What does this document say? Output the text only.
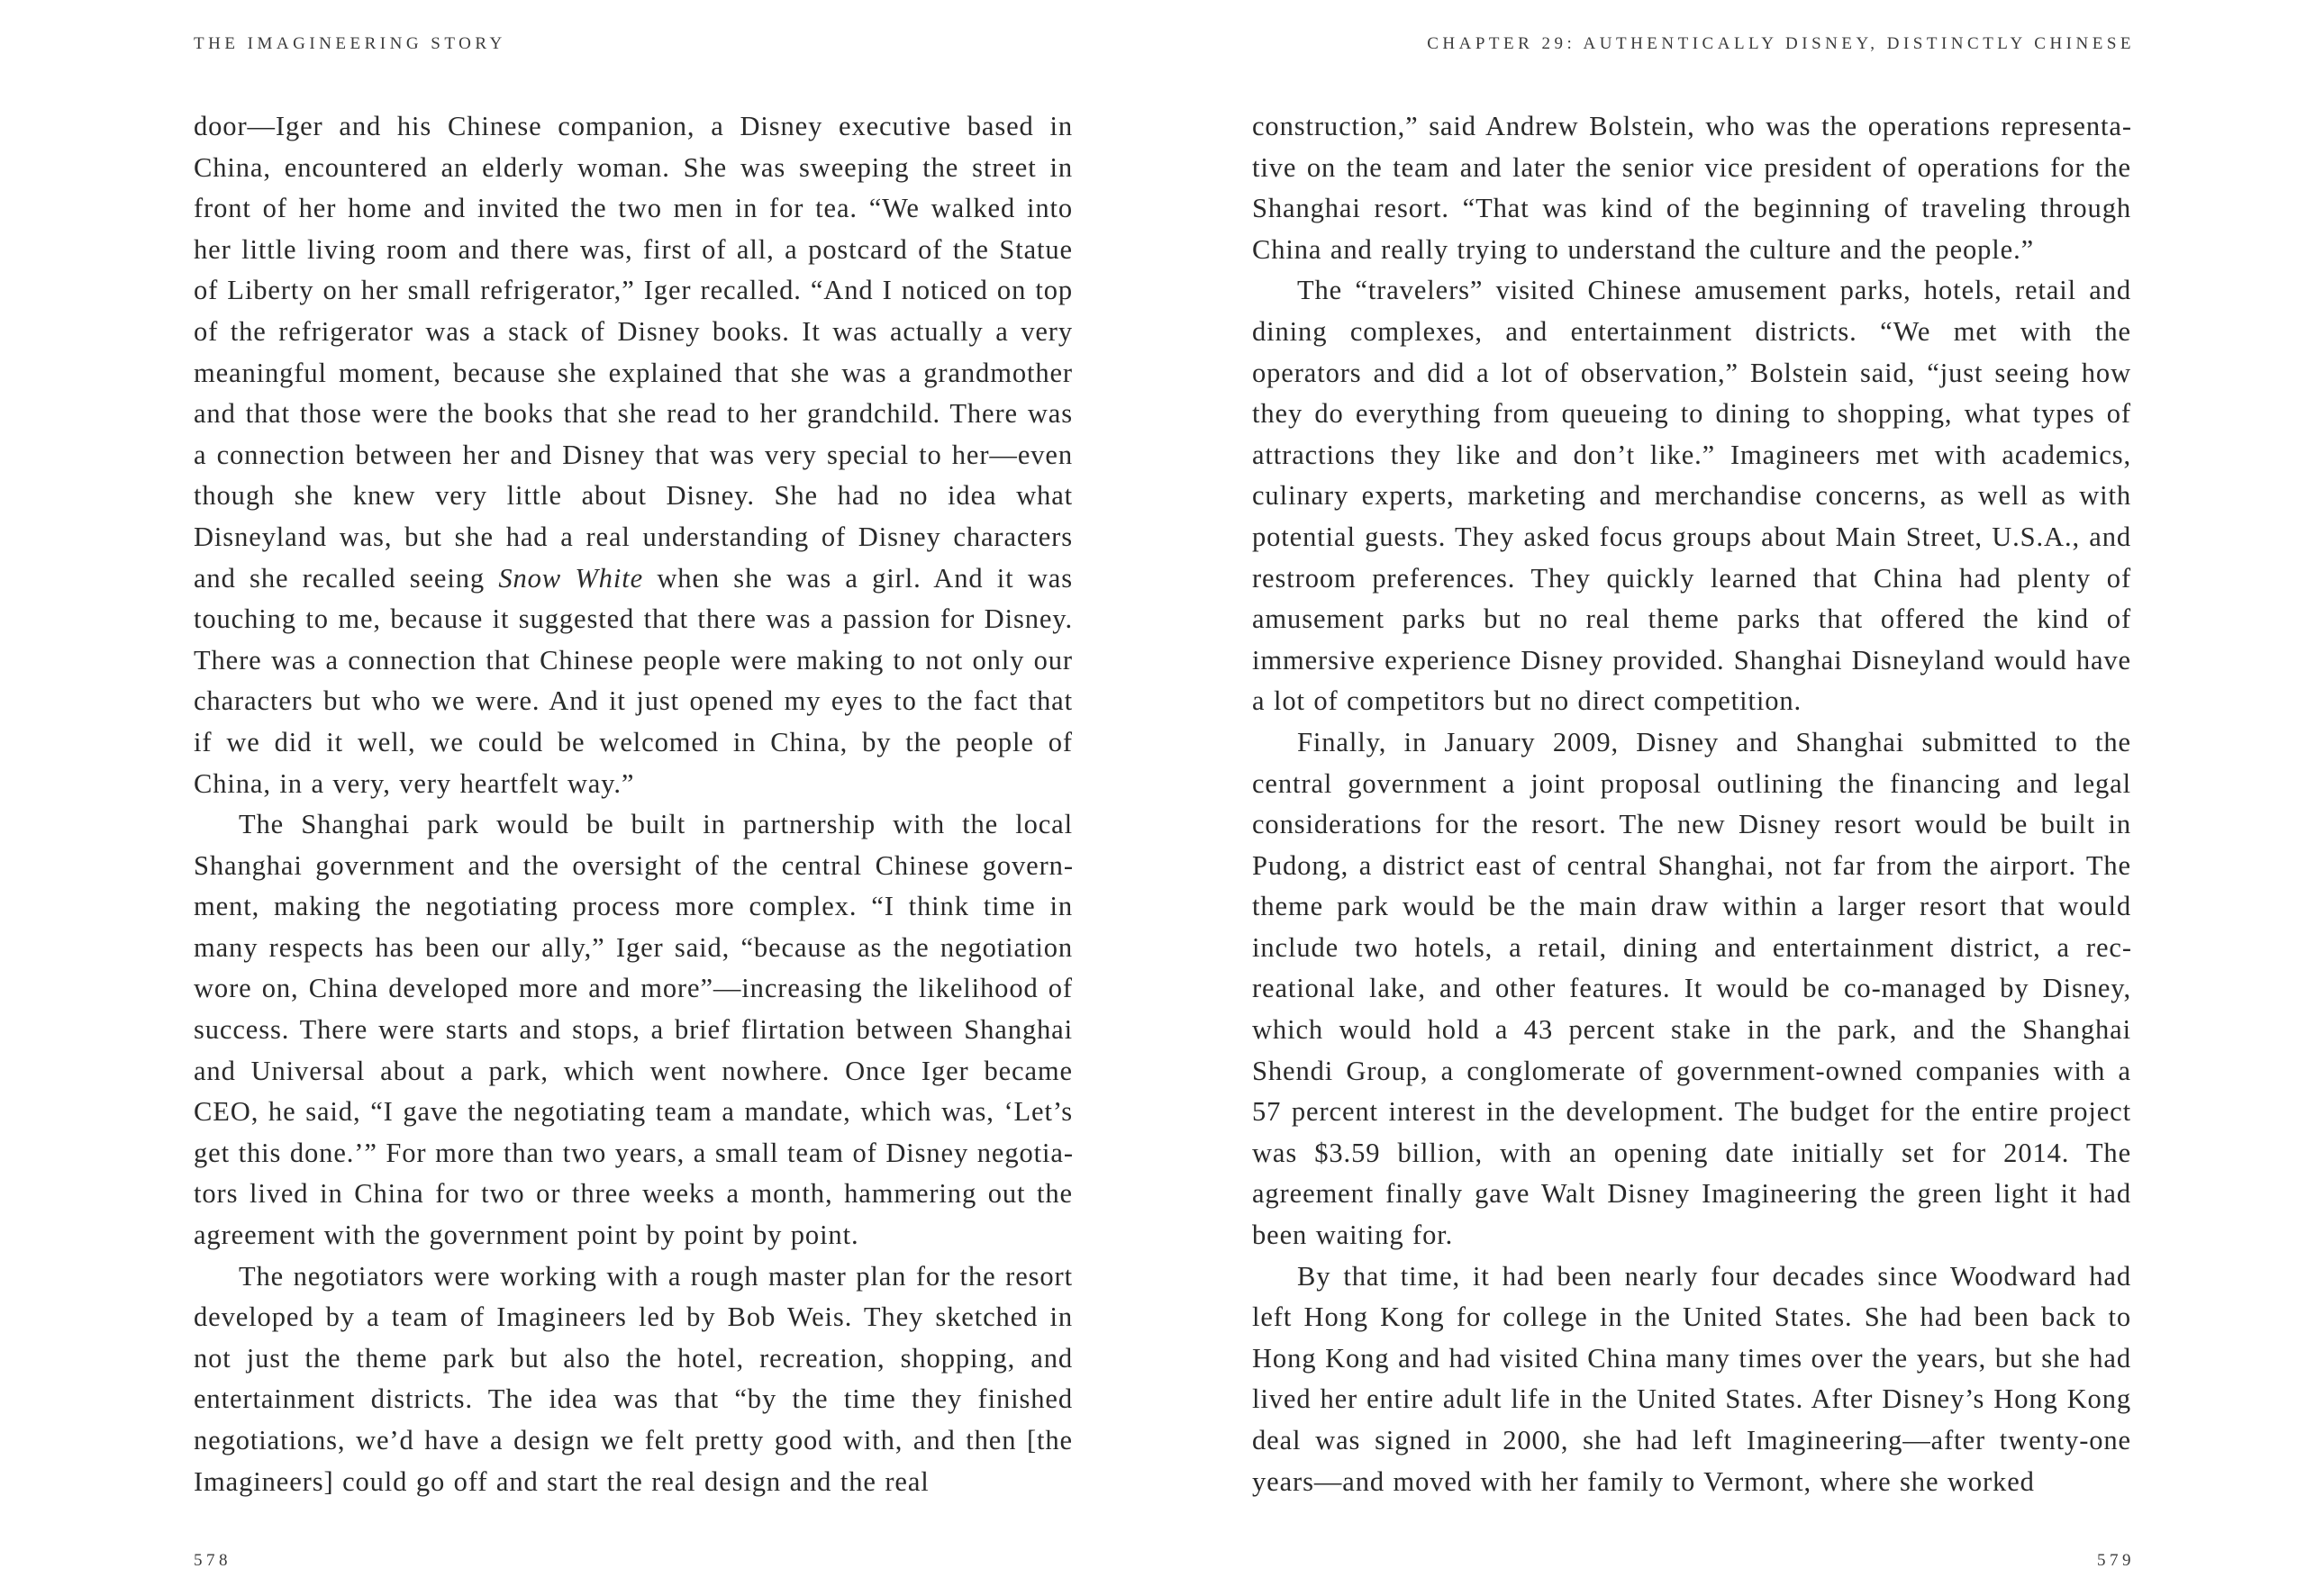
THE IMAGINEERING STORY

door—Iger and his Chinese companion, a Disney executive based in China, encountered an elderly woman. She was sweeping the street in front of her home and invited the two men in for tea. “We walked into her little living room and there was, first of all, a postcard of the Statue of Liberty on her small refrigerator,” Iger recalled. “And I noticed on top of the refrigerator was a stack of Disney books. It was actually a very meaningful moment, because she explained that she was a grandmother and that those were the books that she read to her grandchild. There was a connection between her and Disney that was very special to her—even though she knew very little about Disney. She had no idea what Disneyland was, but she had a real understanding of Disney characters and she recalled seeing Snow White when she was a girl. And it was touching to me, because it suggested that there was a passion for Disney. There was a connection that Chinese people were making to not only our characters but who we were. And it just opened my eyes to the fact that if we did it well, we could be welcomed in China, by the people of China, in a very, very heartfelt way.”

The Shanghai park would be built in partnership with the local Shanghai government and the oversight of the central Chinese government, making the negotiating process more complex. “I think time in many respects has been our ally,” Iger said, “because as the negotiation wore on, China developed more and more”—increasing the likelihood of success. There were starts and stops, a brief flirtation between Shanghai and Universal about a park, which went nowhere. Once Iger became CEO, he said, “I gave the negotiating team a mandate, which was, ‘Let’s get this done.’” For more than two years, a small team of Disney negotiators lived in China for two or three weeks a month, hammering out the agreement with the government point by point by point.

The negotiators were working with a rough master plan for the resort developed by a team of Imagineers led by Bob Weis. They sketched in not just the theme park but also the hotel, recreation, shopping, and entertainment districts. The idea was that “by the time they finished negotiations, we’d have a design we felt pretty good with, and then [the Imagineers] could go off and start the real design and the real

578
CHAPTER 29: AUTHENTICALLY DISNEY, DISTINCTLY CHINESE

construction,” said Andrew Bolstein, who was the operations representative on the team and later the senior vice president of operations for the Shanghai resort. “That was kind of the beginning of traveling through China and really trying to understand the culture and the people.”

The “travelers” visited Chinese amusement parks, hotels, retail and dining complexes, and entertainment districts. “We met with the operators and did a lot of observation,” Bolstein said, “just seeing how they do everything from queueing to dining to shopping, what types of attractions they like and don’t like.” Imagineers met with academics, culinary experts, marketing and merchandise concerns, as well as with potential guests. They asked focus groups about Main Street, U.S.A., and restroom preferences. They quickly learned that China had plenty of amusement parks but no real theme parks that offered the kind of immersive experience Disney provided. Shanghai Disneyland would have a lot of competitors but no direct competition.

Finally, in January 2009, Disney and Shanghai submitted to the central government a joint proposal outlining the financing and legal considerations for the resort. The new Disney resort would be built in Pudong, a district east of central Shanghai, not far from the airport. The theme park would be the main draw within a larger resort that would include two hotels, a retail, dining and entertainment district, a recreational lake, and other features. It would be co-managed by Disney, which would hold a 43 percent stake in the park, and the Shanghai Shendi Group, a conglomerate of government-owned companies with a 57 percent interest in the development. The budget for the entire project was $3.59 billion, with an opening date initially set for 2014. The agreement finally gave Walt Disney Imagineering the green light it had been waiting for.

By that time, it had been nearly four decades since Woodward had left Hong Kong for college in the United States. She had been back to Hong Kong and had visited China many times over the years, but she had lived her entire adult life in the United States. After Disney’s Hong Kong deal was signed in 2000, she had left Imagineering—after twenty-one years—and moved with her family to Vermont, where she worked

579
